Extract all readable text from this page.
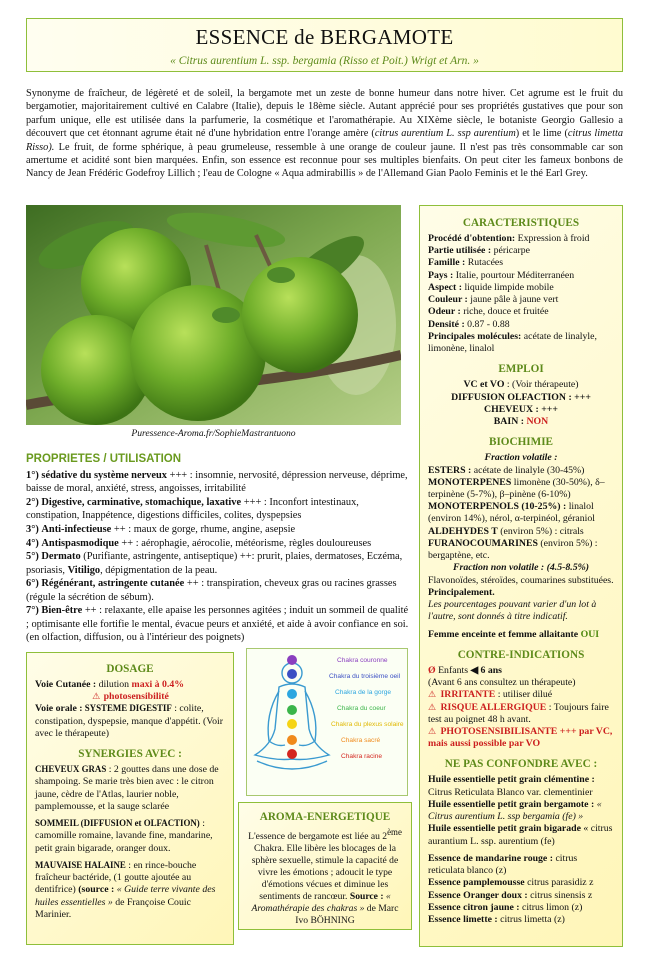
ESSENCE de BERGAMOTE
« Citrus aurentium L. ssp. bergamia (Risso et Poit.) Wrigt et Arn. »
Synonyme de fraîcheur, de légèreté et de soleil, la bergamote met un zeste de bonne humeur dans notre hiver. Cet agrume est le fruit du bergamotier, majoritairement cultivé en Calabre (Italie), depuis le 18ème siècle. Autant apprécié pour ses propriétés gustatives que pour son parfum unique, elle est utilisée dans la parfumerie, la cosmétique et l'aromathérapie. Au XIXème siècle, le botaniste Georgio Gallesio a découvert que cet étonnant agrume était né d'une hybridation entre l'orange amère (citrus aurentium L. ssp aurentium) et le lime (citrus limetta Risso). Le fruit, de forme sphérique, à peau grumeleuse, ressemble à une orange de couleur jaune. Il n'est pas très consommable car son amertume et acidité sont bien marquées. Enfin, son essence est reconnue pour ses multiples bienfaits. On peut citer les fameux bonbons de Nancy de Jean Frédéric Godefroy Lillich ; l'eau de Cologne « Aqua admirabillis » de l'Allemand Gian Paolo Feminis et le thé Earl Grey.
Puressence-Aroma.fr/SophieMastrantuono
PROPRIETES / UTILISATION

1°) sédative du système nerveux +++ : insomnie, nervosité, dépression nerveuse, déprime, baisse de moral, anxiété, stress, angoisses, irritabilité

2°) Digestive, carminative, stomachique, laxative +++ : Inconfort intestinaux, constipation, Inappétence, digestions difficiles, colites, dyspepsies

3°) Anti-infectieuse ++ : maux de gorge, rhume, angine, asepsie

4°) Antispasmodique ++ : aérophagie, aérocolie, météorisme, règles douloureuses

5°) Dermato (Purifiante, astringente, antiseptique) ++: prurit, plaies, dermatoses, Eczéma, psoriasis, Vitiligo, dépigmentation de la peau.

6°) Régénérant, astringente cutanée ++ : transpiration, cheveux gras ou racines grasses (régule la sécrétion de sébum).

7°) Bien-être ++ : relaxante, elle apaise les personnes agitées ; induit un sommeil de qualité ; optimisante elle fortifie le mental, évacue peurs et anxiété, et aide à avoir confiance en soi. (en olfaction, diffusion, ou à l'intérieur des poignets)

CARACTERISTIQUES
Procédé d'obtention: Expression à froid
Partie utilisée : péricarpe
Famille : Rutacées
Pays : Italie, pourtour Méditerranéen
Aspect : liquide limpide mobile
Couleur : jaune pâle à jaune vert
Odeur : riche, douce et fruitée
Densité : 0.87 - 0.88
Principales molécules: acétate de linalyle, limonène, linalol
EMPLOI
VC et VO : (Voir thérapeute)
DIFFUSION OLFACTION : +++
CHEVEUX : +++
BAIN : NON
BIOCHIMIE
Fraction volatile :
ESTERS : acétate de linalyle (30-45%)
MONOTERPENES limonène (30-50%), δ–terpinène (5-7%), β–pinène (6-10%)
MONOTERPENOLS (10-25%) : linalol (environ 14%), nérol, α-terpinéol, géraniol
ALDEHYDES T (environ 5%) : citrals
FURANOCOUMARINES (environ 5%) : bergaptène, etc.
Fraction non volatile : (4.5-8.5%)
Flavonoïdes, stéroïdes, coumarines substituées. Principalement.
Les pourcentages pouvant varier d'un lot à l'autre, sont donnés à titre indicatif.
Femme enceinte et femme allaitante OUI
CONTRE-INDICATIONS
Ø Enfants ◀ 6 ans
(Avant 6 ans consultez un thérapeute)
⚠ IRRITANTE : utiliser dilué
⚠ RISQUE ALLERGIQUE : Toujours faire test au poignet 48 h avant.
⚠ PHOTOSENSIBILISANTE +++ par VC, mais aussi possible par VO
NE PAS CONFONDRE AVEC :
Huile essentielle petit grain clémentine : Citrus Reticulata Blanco var. clementinier
Huile essentielle petit grain bergamote : « Citrus aurentium L. ssp bergamia (fe) »
Huile essentielle petit grain bigarade « citrus aurantium L. ssp. aurentium (fe)
Essence de mandarine rouge : citrus reticulata blanco (z)
Essence pamplemousse citrus parasidiz z
Essence Oranger doux : citrus sinensis z
Essence citron jaune : citrus limon (z)
Essence limette : citrus limetta (z)
DOSAGE
Voie Cutanée : dilution maxi à 0.4%
⚠ photosensibilité
Voie orale : SYSTEME DIGESTIF : colite, constipation, dyspepsie, manque d'appétit. (Voir avec le thérapeute)
SYNERGIES AVEC :
CHEVEUX GRAS : 2 gouttes dans une dose de shampoing. Se marie très bien avec : le citron jaune, cèdre de l'Atlas, laurier noble, pamplemousse, et la sauge sclarée
SOMMEIL (DIFFUSION et OLFACTION) : camomille romaine, lavande fine, mandarine, petit grain bigarade, oranger doux.
MAUVAISE HALAINE : en rince-bouche fraîcheur bactéride, (1 goutte ajoutée au dentifrice) (source : « Guide terre vivante des huiles essentielles » de Françoise Couic Marinier.
Chakra couronne
Chakra du troisième oeil
Chakra de la gorge
Chakra du coeur
Chakra du plexus solaire
Chakra sacré
Chakra racine
AROMA-ENERGETIQUE
L'essence de bergamote est liée au 2ème Chakra. Elle libère les blocages de la sphère sexuelle, stimule la capacité de vivre les émotions ; adoucit le type d'émotions vécues et diminue les sentiments de rancœur. Source : « Aromathérapie des chakras » de Marc Ivo BÖHNING
